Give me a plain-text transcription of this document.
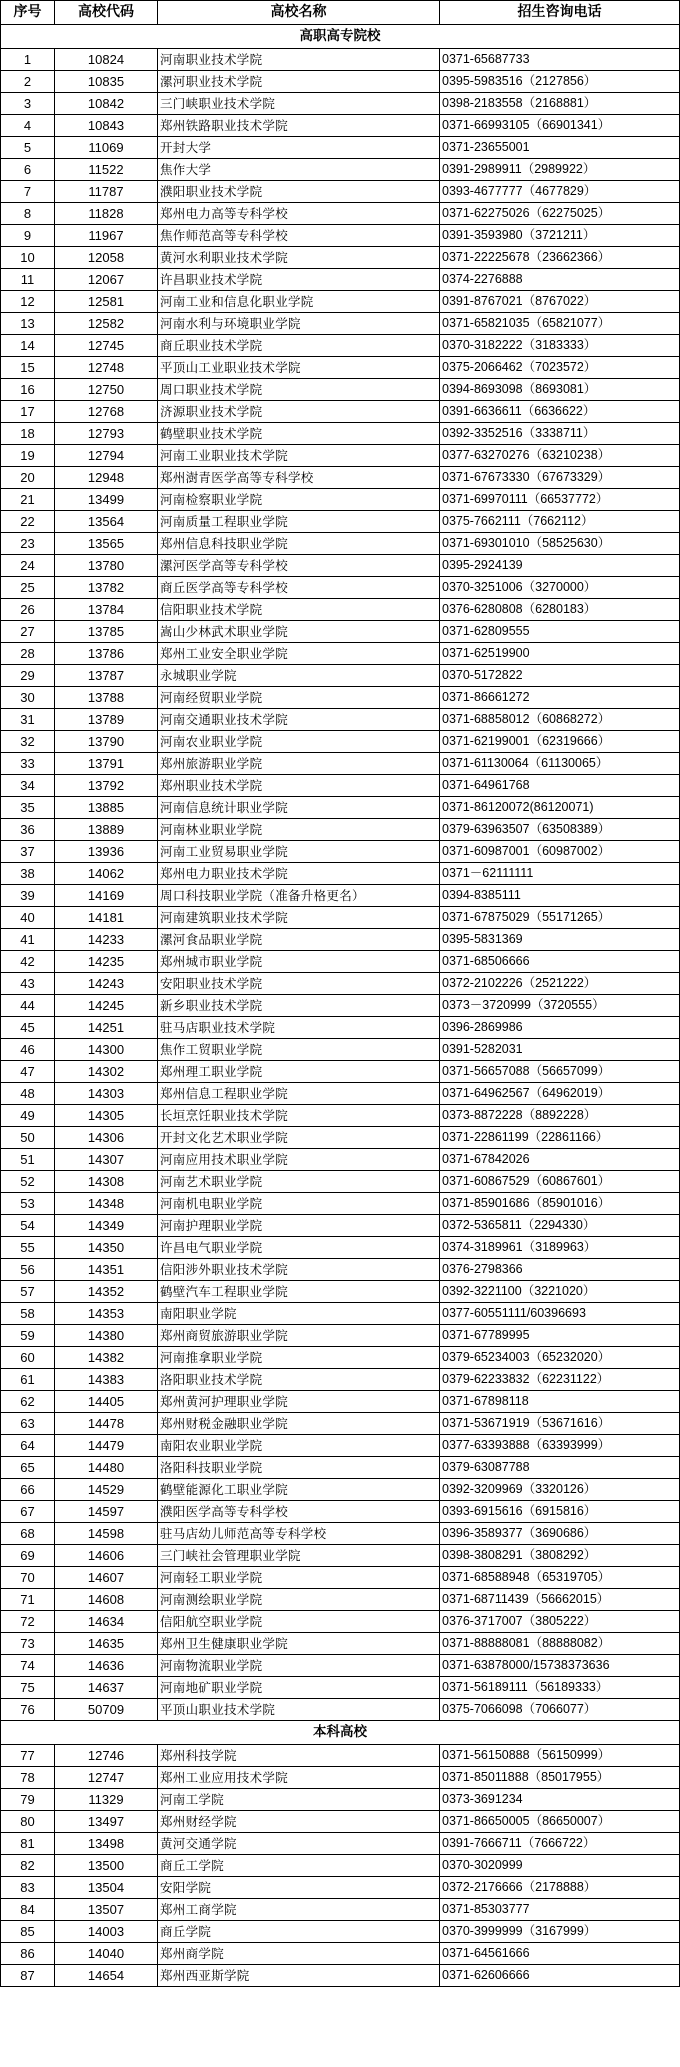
序号	高校代码	高校名称	招生咨询电话
高职高专院校			
1	10824	河南职业技术学院	0371-65687733
2	10835	漯河职业技术学院	0395-5983516（2127856）
3	10842	三门峡职业技术学院	0398-2183558（2168881）
4	10843	郑州铁路职业技术学院	0371-66993105（66901341）
5	11069	开封大学	0371-23655001
6	11522	焦作大学	0391-2989911（2989922）
7	11787	濮阳职业技术学院	0393-4677777（4677829）
8	11828	郑州电力高等专科学校	0371-62275026（62275025）
9	11967	焦作师范高等专科学校	0391-3593980（3721211）
10	12058	黄河水利职业技术学院	0371-22225678（23662366）
11	12067	许昌职业技术学院	0374-2276888
12	12581	河南工业和信息化职业学院	0391-8767021（8767022）
13	12582	河南水利与环境职业学院	0371-65821035（65821077）
14	12745	商丘职业技术学院	0370-3182222（3183333）
15	12748	平顶山工业职业技术学院	0375-2066462（7023572）
16	12750	周口职业技术学院	0394-8693098（8693081）
17	12768	济源职业技术学院	0391-6636611（6636622）
18	12793	鹤壁职业技术学院	0392-3352516（3338711）
19	12794	河南工业职业技术学院	0377-63270276（63210238）
20	12948	郑州澍青医学高等专科学校	0371-67673330（67673329）
21	13499	河南检察职业学院	0371-69970111（66537772）
22	13564	河南质量工程职业学院	0375-7662111（7662112）
23	13565	郑州信息科技职业学院	0371-69301010（58525630）
24	13780	漯河医学高等专科学校	0395-2924139
25	13782	商丘医学高等专科学校	0370-3251006（3270000）
26	13784	信阳职业技术学院	0376-6280808（6280183）
27	13785	嵩山少林武术职业学院	0371-62809555
28	13786	郑州工业安全职业学院	0371-62519900
29	13787	永城职业学院	0370-5172822
30	13788	河南经贸职业学院	0371-86661272
31	13789	河南交通职业技术学院	0371-68858012（60868272）
32	13790	河南农业职业学院	0371-62199001（62319666）
33	13791	郑州旅游职业学院	0371-61130064（61130065）
34	13792	郑州职业技术学院	0371-64961768
35	13885	河南信息统计职业学院	0371-86120072(86120071)
36	13889	河南林业职业学院	0379-63963507（63508389）
37	13936	河南工业贸易职业学院	0371-60987001（60987002）
38	14062	郑州电力职业技术学院	0371－62111111
39	14169	周口科技职业学院（准备升格更名）	0394-8385111
40	14181	河南建筑职业技术学院	0371-67875029（55171265）
41	14233	漯河食品职业学院	0395-5831369
42	14235	郑州城市职业学院	0371-68506666
43	14243	安阳职业技术学院	0372-2102226（2521222）
44	14245	新乡职业技术学院	0373－3720999（3720555）
45	14251	驻马店职业技术学院	0396-2869986
46	14300	焦作工贸职业学院	0391-5282031
47	14302	郑州理工职业学院	0371-56657088（56657099）
48	14303	郑州信息工程职业学院	0371-64962567（64962019）
49	14305	长垣烹饪职业技术学院	0373-8872228（8892228）
50	14306	开封文化艺术职业学院	0371-22861199（22861166）
51	14307	河南应用技术职业学院	0371-67842026
52	14308	河南艺术职业学院	0371-60867529（60867601）
53	14348	河南机电职业学院	0371-85901686（85901016）
54	14349	河南护理职业学院	0372-5365811（2294330）
55	14350	许昌电气职业学院	0374-3189961（3189963）
56	14351	信阳涉外职业技术学院	0376-2798366
57	14352	鹤壁汽车工程职业学院	0392-3221100（3221020）
58	14353	南阳职业学院	0377-60551111/60396693
59	14380	郑州商贸旅游职业学院	0371-67789995
60	14382	河南推拿职业学院	0379-65234003（65232020）
61	14383	洛阳职业技术学院	0379-62233832（62231122）
62	14405	郑州黄河护理职业学院	0371-67898118
63	14478	郑州财税金融职业学院	0371-53671919（53671616）
64	14479	南阳农业职业学院	0377-63393888（63393999）
65	14480	洛阳科技职业学院	0379-63087788
66	14529	鹤壁能源化工职业学院	0392-3209969（3320126）
67	14597	濮阳医学高等专科学校	0393-6915616（6915816）
68	14598	驻马店幼儿师范高等专科学校	0396-3589377（3690686）
69	14606	三门峡社会管理职业学院	0398-3808291（3808292）
70	14607	河南轻工职业学院	0371-68588948（65319705）
71	14608	河南测绘职业学院	0371-68711439（56662015）
72	14634	信阳航空职业学院	0376-3717007（3805222）
73	14635	郑州卫生健康职业学院	0371-88888081（88888082）
74	14636	河南物流职业学院	0371-63878000/15738373636
75	14637	河南地矿职业学院	0371-56189111（56189333）
76	50709	平顶山职业技术学院	0375-7066098（7066077）
本科高校			
77	12746	郑州科技学院	0371-56150888（56150999）
78	12747	郑州工业应用技术学院	0371-85011888（85017955）
79	11329	河南工学院	0373-3691234
80	13497	郑州财经学院	0371-86650005（86650007）
81	13498	黄河交通学院	0391-7666711（7666722）
82	13500	商丘工学院	0370-3020999
83	13504	安阳学院	0372-2176666（2178888）
84	13507	郑州工商学院	0371-85303777
85	14003	商丘学院	0370-3999999（3167999）
86	14040	郑州商学院	0371-64561666
87	14654	郑州西亚斯学院	0371-62606666
